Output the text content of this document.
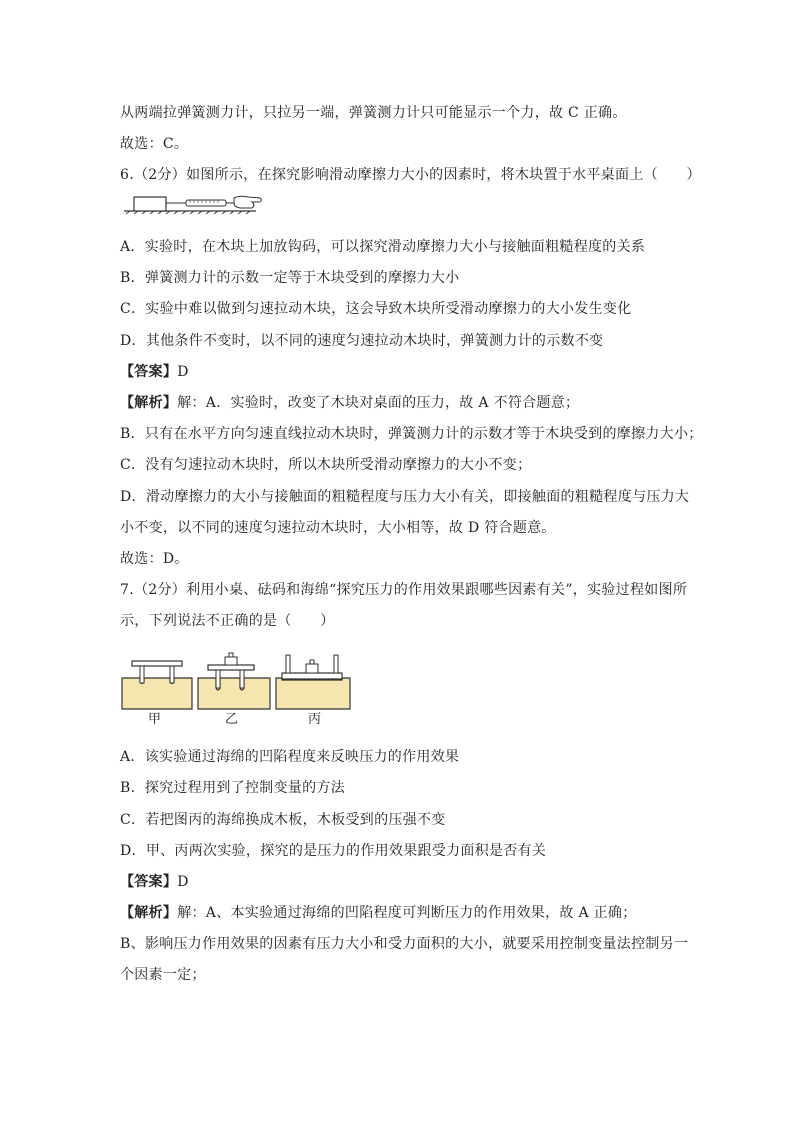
从两端拉弹簧测力计，只拉另一端，弹簧测力计只可能显示一个力，故 C 正确。
故选：C。
6.（2分）如图所示，在探究影响滑动摩擦力大小的因素时，将木块置于水平桌面上（　　）
A．实验时，在木块上加放钩码，可以探究滑动摩擦力大小与接触面粗糙程度的关系
B．弹簧测力计的示数一定等于木块受到的摩擦力大小
C．实验中难以做到匀速拉动木块，这会导致木块所受滑动摩擦力的大小发生变化
D．其他条件不变时，以不同的速度匀速拉动木块时，弹簧测力计的示数不变
【答案】D
【解析】解：A．实验时，改变了木块对桌面的压力，故 A 不符合题意；
B．只有在水平方向匀速直线拉动木块时，弹簧测力计的示数才等于木块受到的摩擦力大小；
C．没有匀速拉动木块时，所以木块所受滑动摩擦力的大小不变；
D．滑动摩擦力的大小与接触面的粗糙程度与压力大小有关，即接触面的粗糙程度与压力大
小不变，以不同的速度匀速拉动木块时，大小相等，故 D 符合题意。
故选：D。
7.（2分）利用小桌、砝码和海绵“探究压力的作用效果跟哪些因素有关”，实验过程如图所
示，下列说法不正确的是（　　）
甲	乙	丙
A．该实验通过海绵的凹陷程度来反映压力的作用效果
B．探究过程用到了控制变量的方法
C．若把图丙的海绵换成木板，木板受到的压强不变
D．甲、丙两次实验，探究的是压力的作用效果跟受力面积是否有关
【答案】D
【解析】解：A、本实验通过海绵的凹陷程度可判断压力的作用效果，故 A 正确；
B、影响压力作用效果的因素有压力大小和受力面积的大小，就要采用控制变量法控制另一
个因素一定；
